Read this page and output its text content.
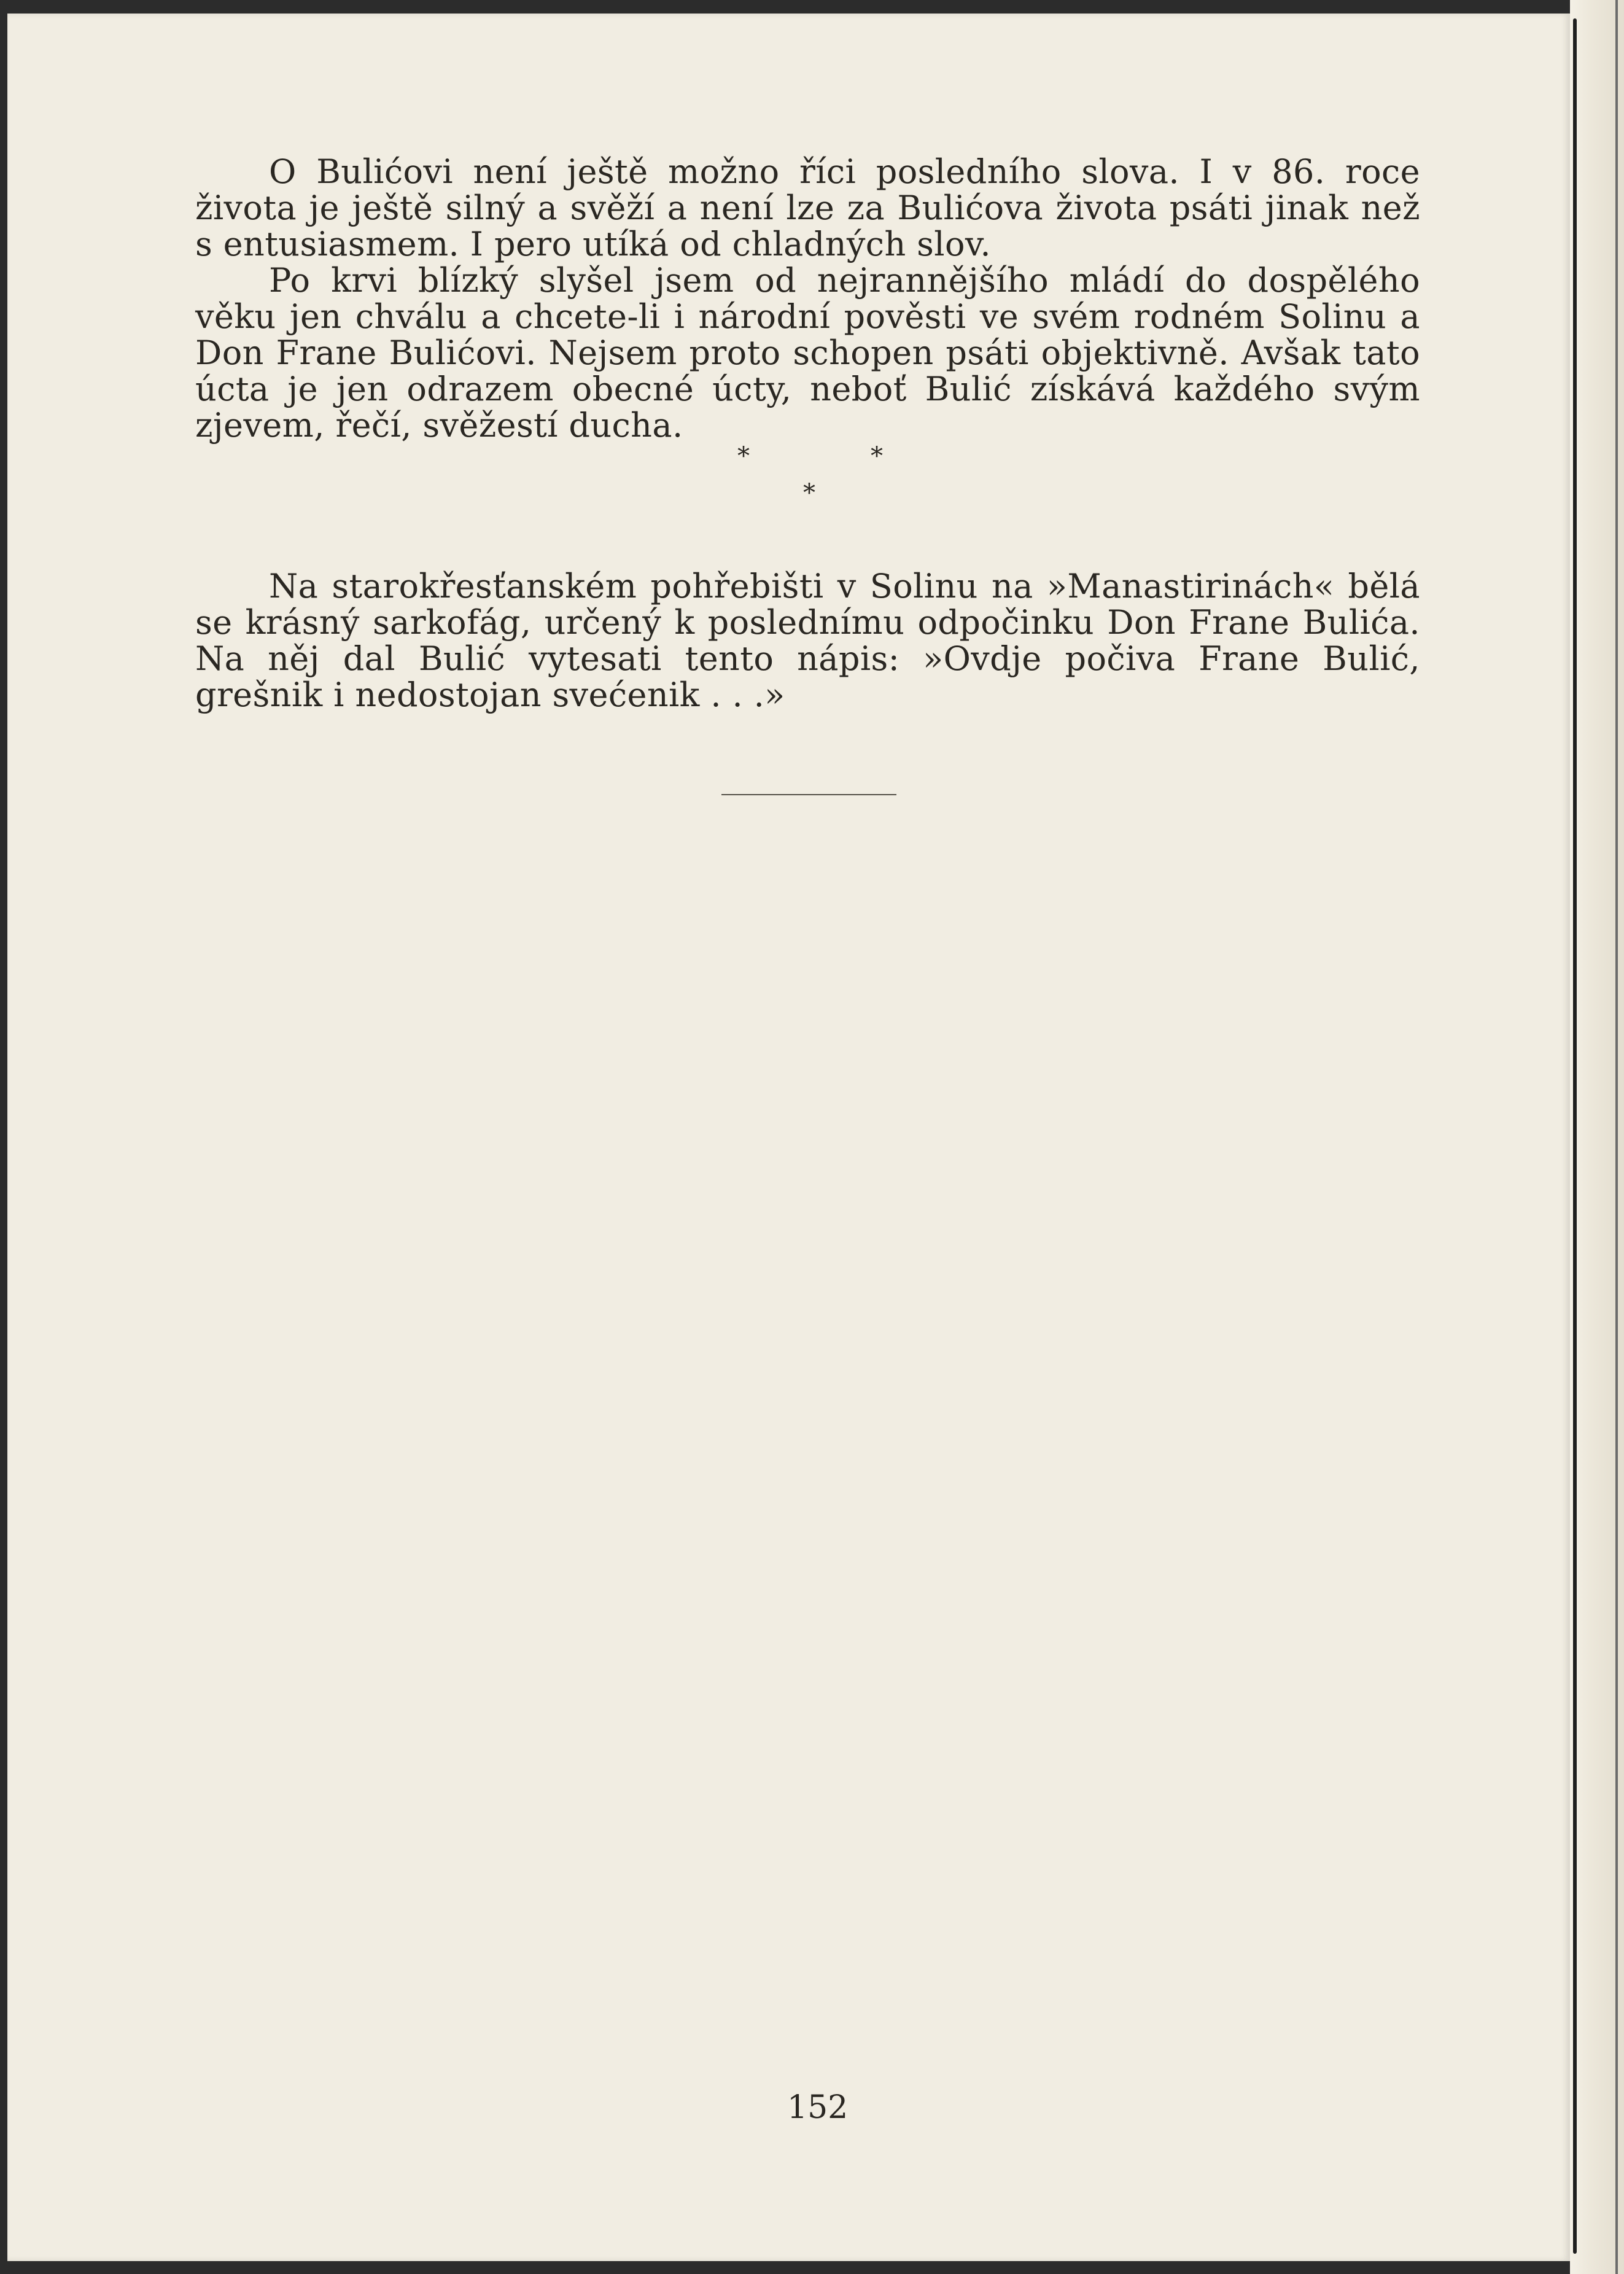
O Bulićovi není ještě možno říci posledního slova. I v 86. roce života je ještě silný a svěží a není lze za Bulićova života psáti jinak než s entusiasmem. I pero utíká od chladných slov.

Po krvi blízký slyšel jsem od nejrannějšího mládí do dospělého věku jen chválu a chcete-li i národní pověsti ve svém rodném Solinu a Don Frane Bulićovi. Nejsem proto schopen psáti objektivně. Avšak tato úcta je jen odrazem obecné úcty, neboť Bulić získává každého svým zjevem, řečí, svěžestí ducha.

*	*
*

Na starokřesťanském pohřebišti v Solinu na »Manastirinách« bělá se krásný sarkofág, určený k poslednímu odpočinku Don Frane Bulića. Na něj dal Bulić vytesati tento nápis: »Ovdje počiva Frane Bulić, grešnik i nedostojan svećenik . . .»

152
